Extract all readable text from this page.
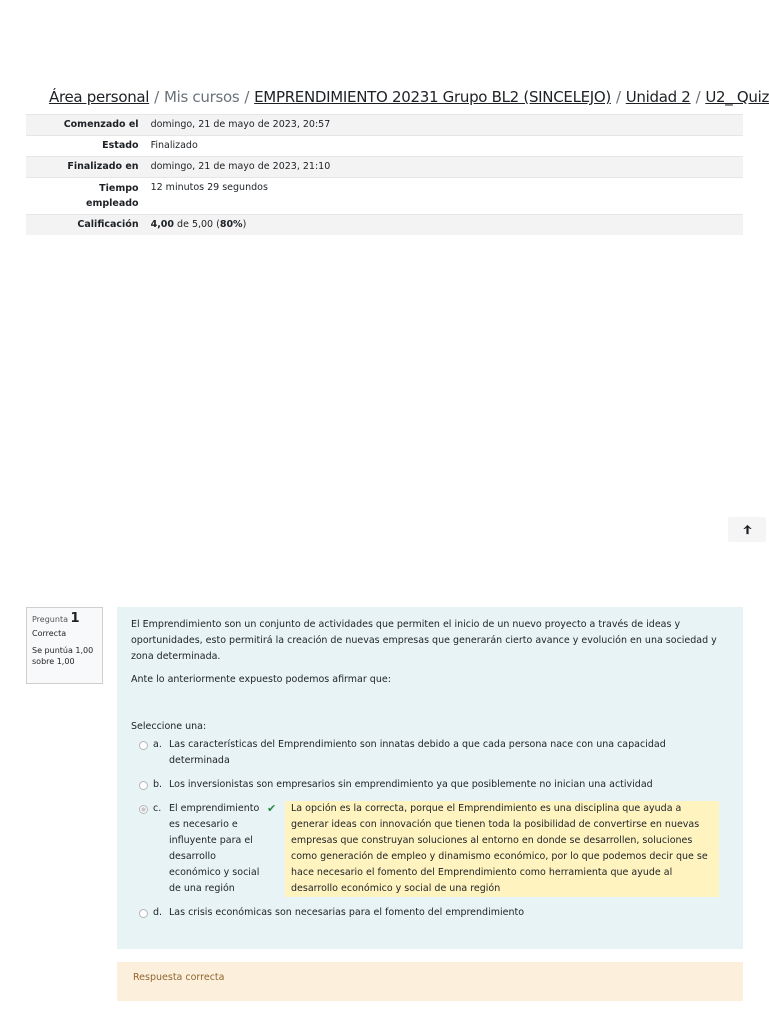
Área personal / Mis cursos / EMPRENDIMIENTO 20231 Grupo BL2 (SINCELEJO) / Unidad 2 / U2_ Quiz
Comenzado el	domingo, 21 de mayo de 2023, 20:57
Estado	Finalizado
Finalizado en	domingo, 21 de mayo de 2023, 21:10
Tiempo empleado	12 minutos 29 segundos
Calificación	4,00 de 5,00 (80%)
Pregunta 1
Correcta
Se puntúa 1,00 sobre 1,00

El Emprendimiento son un conjunto de actividades que permiten el inicio de un nuevo proyecto a través de ideas y oportunidades, esto permitirá la creación de nuevas empresas que generarán cierto avance y evolución en una sociedad y zona determinada.

Ante lo anteriormente expuesto podemos afirmar que:

Seleccione una:
a. Las características del Emprendimiento son innatas debido a que cada persona nace con una capacidad determinada
b. Los inversionistas son empresarios sin emprendimiento ya que posiblemente no inician una actividad
c. El emprendimiento es necesario e influyente para el desarrollo económico y social de una región
✔	La opción es la correcta, porque el Emprendimiento es una disciplina que ayuda a generar ideas con innovación que tienen toda la posibilidad de convertirse en nuevas empresas que construyan soluciones al entorno en donde se desarrollen, soluciones como generación de empleo y dinamismo económico, por lo que podemos decir que se hace necesario el fomento del Emprendimiento como herramienta que ayude al desarrollo económico y social de una región
d. Las crisis económicas son necesarias para el fomento del emprendimiento
Respuesta correcta
